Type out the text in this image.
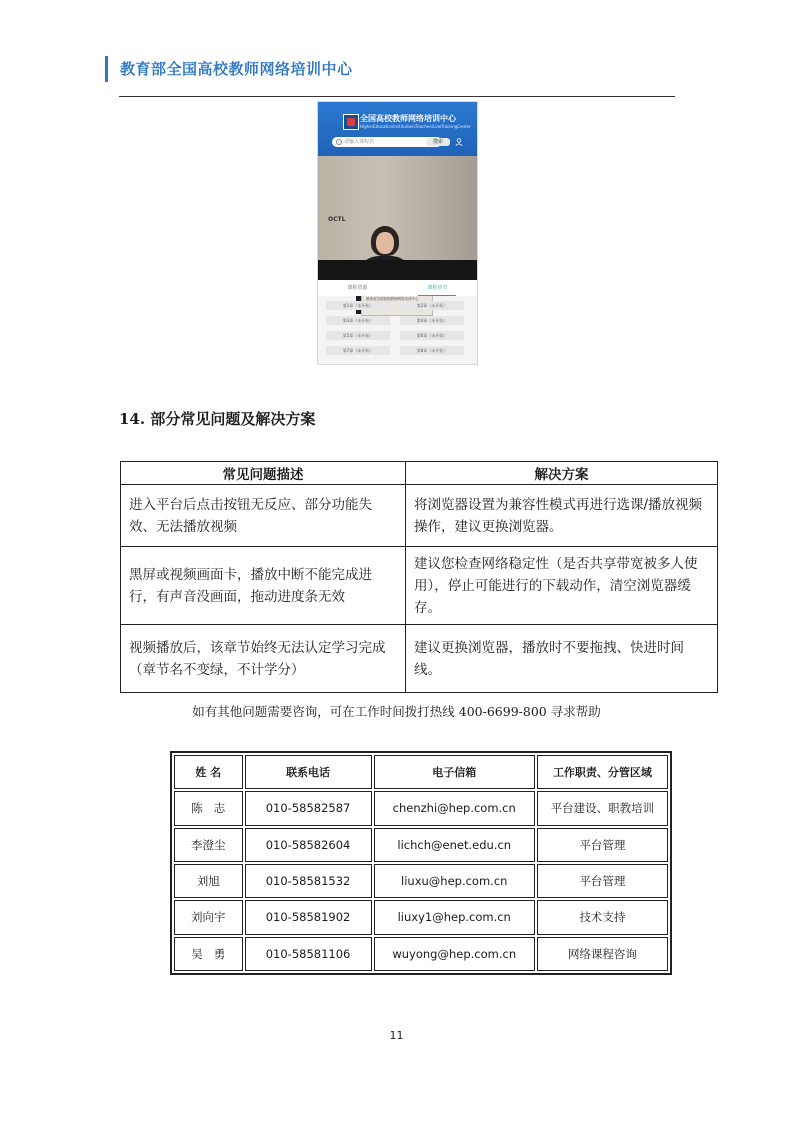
教育部全国高校教师网络培训中心
全国高校教师网络培训中心
HigherEducationInstitutionsTeachersLineTrainingCenter
请输入课程名	搜索
OCTL
教育部全国高校教师网络培训中心
课程资源	课程章节
第1章（未开始）	第2章（未开始）
第3章（未开始）	第4章（未开始）
第5章（未开始）	第6章（未开始）
第7章（未开始）	第8章（未开始）
14. 部分常见问题及解决方案
常见问题描述	解决方案
进入平台后点击按钮无反应、部分功能失效、无法播放视频	将浏览器设置为兼容性模式再进行选课/播放视频操作，建议更换浏览器。
黑屏或视频画面卡，播放中断不能完成进行，有声音没画面，拖动进度条无效	建议您检查网络稳定性（是否共享带宽被多人使用），停止可能进行的下载动作，清空浏览器缓存。
视频播放后，该章节始终无法认定学习完成（章节名不变绿，不计学分）	建议更换浏览器，播放时不要拖拽、快进时间线。
如有其他问题需要咨询，可在工作时间拨打热线 400-6699-800 寻求帮助
姓 名	联系电话	电子信箱	工作职责、分管区域
陈   志	010-58582587	chenzhi@hep.com.cn	平台建设、职教培训
李澄尘	010-58582604	lichch@enet.edu.cn	平台管理
刘旭	010-58581532	liuxu@hep.com.cn	平台管理
刘向宇	010-58581902	liuxy1@hep.com.cn	技术支持
吴   勇	010-58581106	wuyong@hep.com.cn	网络课程咨询
11
